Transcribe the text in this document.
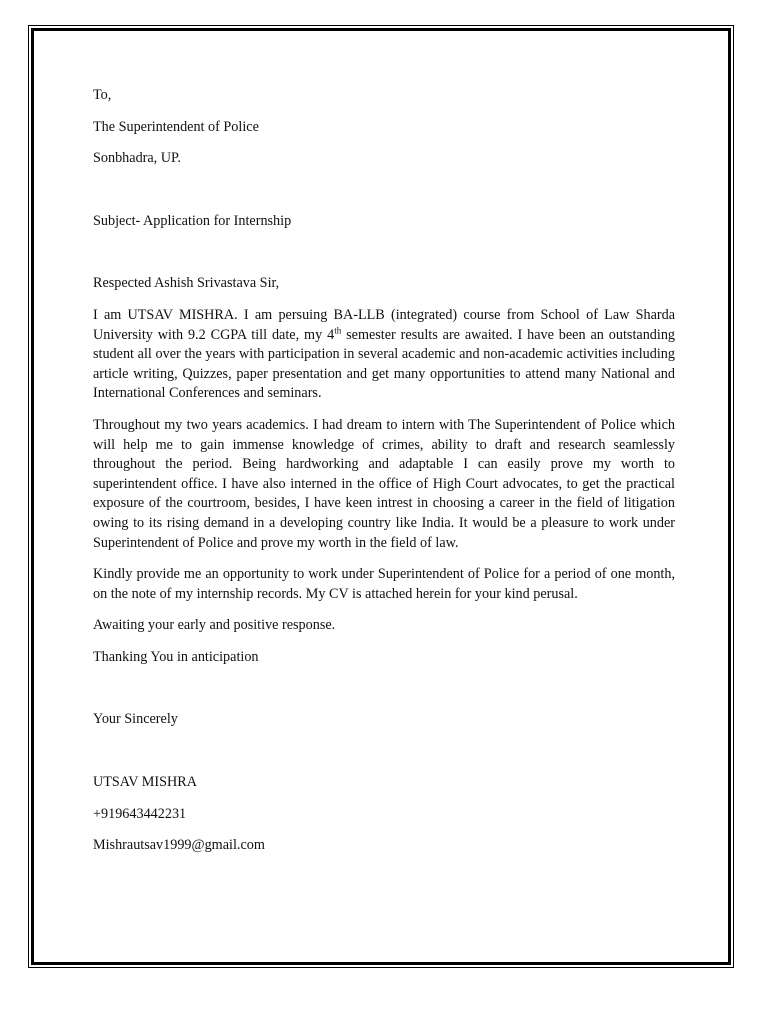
To,

The Superintendent of Police

Sonbhadra, UP.

Subject- Application for Internship

Respected Ashish Srivastava Sir,

I am UTSAV MISHRA. I am persuing BA-LLB (integrated) course from School of Law Sharda University with 9.2 CGPA till date, my 4th semester results are awaited. I have been an outstanding student all over the years with participation in several academic and non-academic activities including article writing, Quizzes, paper presentation and get many opportunities to attend many National and International Conferences and seminars.

Throughout my two years academics. I had dream to intern with The Superintendent of Police which will help me to gain immense knowledge of crimes, ability to draft and research seamlessly throughout the period. Being hardworking and adaptable I can easily prove my worth to superintendent office. I have also interned in the office of High Court advocates, to get the practical exposure of the courtroom, besides, I have keen intrest in choosing a career in the field of litigation owing to its rising demand in a developing country like India. It would be a pleasure to work under Superintendent of Police and prove my worth in the field of law.

Kindly provide me an opportunity to work under Superintendent of Police for a period of one month, on the note of my internship records. My CV is attached herein for your kind perusal.

Awaiting your early and positive response.

Thanking You in anticipation

Your Sincerely

UTSAV MISHRA

+919643442231

Mishrautsav1999@gmail.com
